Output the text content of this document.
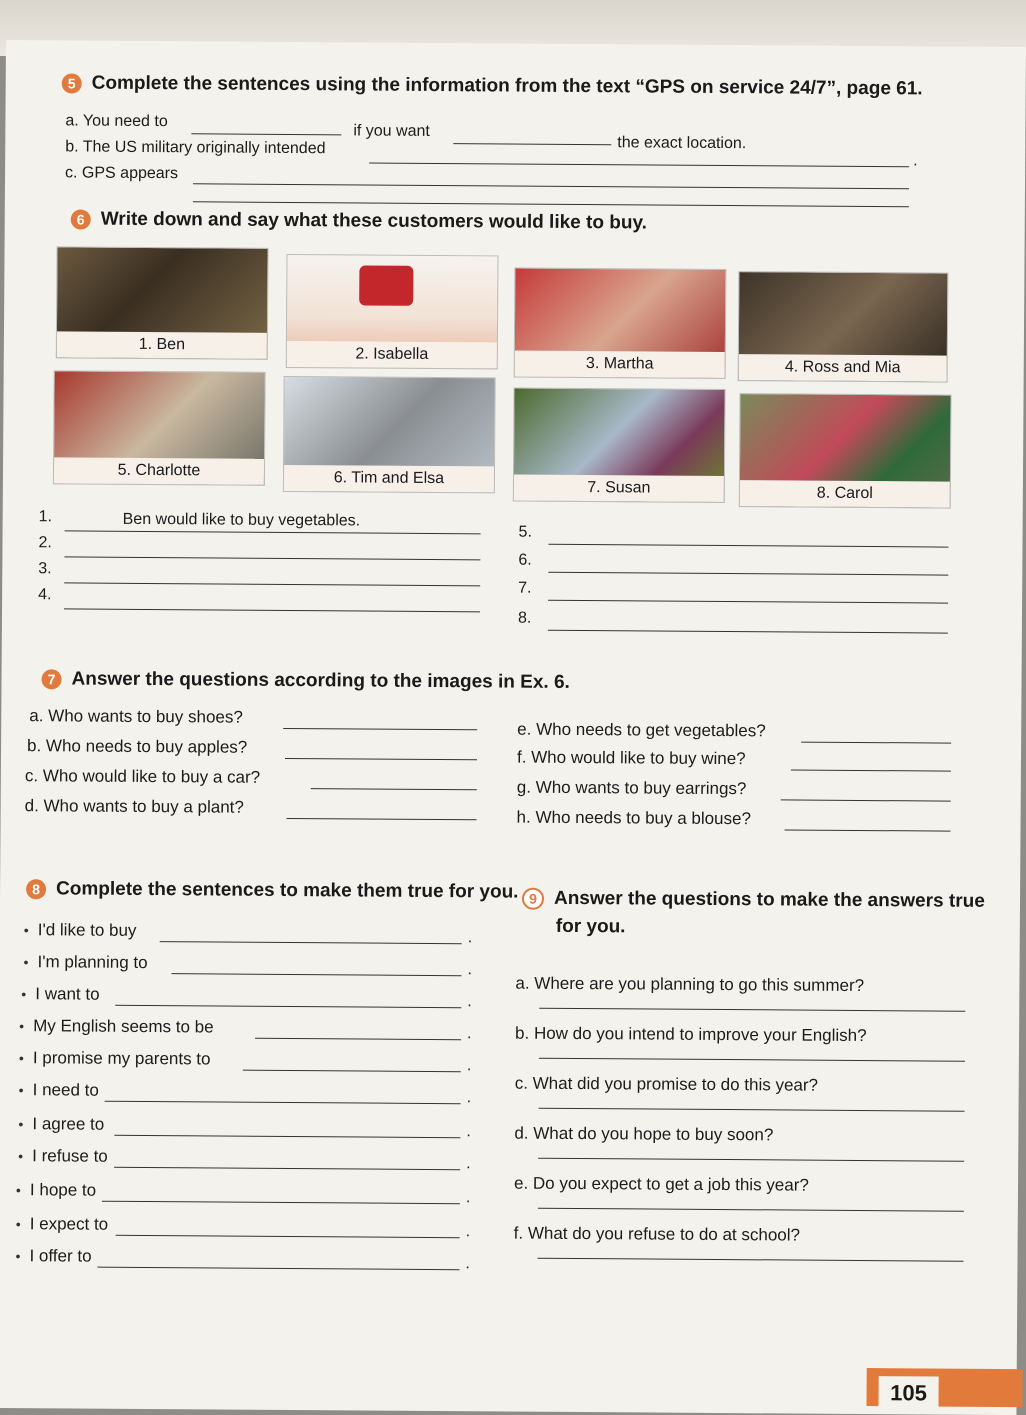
5 Complete the sentences using the information from the text “GPS on service 24/7”, page 61.
a. You need to
if you want
the exact location.
b. The US military originally intended
.
c. GPS appears
6 Write down and say what these customers would like to buy.
1. Ben
2. Isabella
3. Martha	4. Ross and Mia
5. Charlotte	6. Tim and Elsa
7. Susan	8. Carol
1.	Ben would like to buy vegetables.
2.
3.
4.
5.
6.
7.
8.
7 Answer the questions according to the images in Ex. 6.
a. Who wants to buy shoes?
b. Who needs to buy apples?
c. Who would like to buy a car?
d. Who wants to buy a plant?
e. Who needs to get vegetables?
f. Who would like to buy wine?
g. Who wants to buy earrings?
h. Who needs to buy a blouse?
8 Complete the sentences to make them true for you. 9 Answer the questions to make the answers true
for you.
105
• I'd like to buy	.
• I'm planning to	.
• I want to	.
• My English seems to be	.
• I promise my parents to	.
• I need to	.
• I agree to	.
• I refuse to	.
• I hope to	.
• I expect to	.
• I offer to	.
a. Where are you planning to go this summer?
b. How do you intend to improve your English?
c. What did you promise to do this year?
d. What do you hope to buy soon?
e. Do you expect to get a job this year?
f. What do you refuse to do at school?
